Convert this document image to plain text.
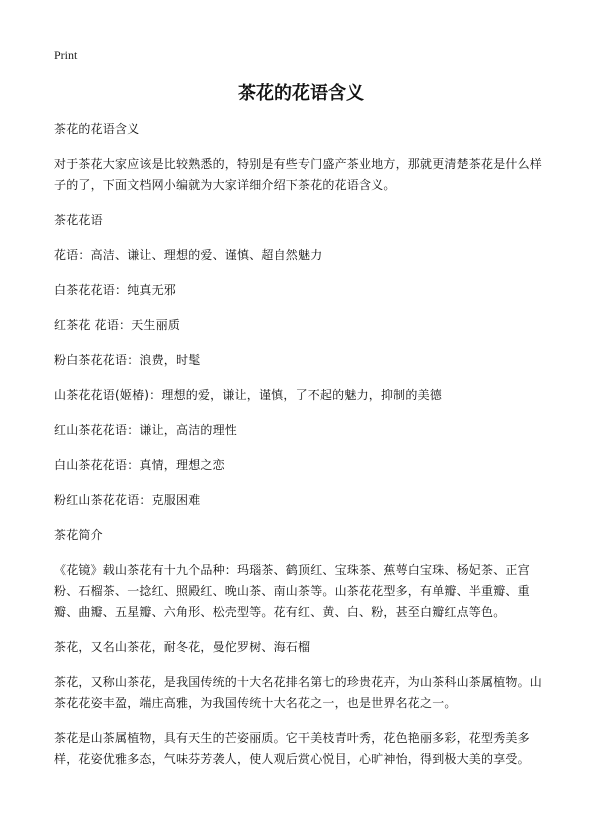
Print
茶花的花语含义

茶花的花语含义

对于茶花大家应该是比较熟悉的，特别是有些专门盛产茶业地方，那就更清楚茶花是什么样子的了，下面文档网小编就为大家详细介绍下茶花的花语含义。

茶花花语

花语：高洁、谦让、理想的爱、谨慎、超自然魅力

白茶花花语：纯真无邪

红茶花 花语：天生丽质

粉白茶花花语：浪费，时髦

山茶花花语(姬椿)：理想的爱，谦让，谨慎，了不起的魅力，抑制的美德

红山茶花花语：谦让，高洁的理性

白山茶花花语：真情，理想之恋

粉红山茶花花语：克服困难

茶花简介

《花镜》载山茶花有十九个品种：玛瑙茶、鹤顶红、宝珠茶、蕉萼白宝珠、杨妃茶、正宫粉、石榴茶、一捻红、照殿红、晚山茶、南山茶等。山茶花花型多，有单瓣、半重瓣、重瓣、曲瓣、五星瓣、六角形、松壳型等。花有红、黄、白、粉，甚至白瓣红点等色。

茶花，又名山茶花，耐冬花，曼佗罗树、海石榴

茶花，又称山茶花，是我国传统的十大名花排名第七的珍贵花卉，为山茶科山茶属植物。山茶花花姿丰盈，端庄高雅，为我国传统十大名花之一，也是世界名花之一。

茶花是山茶属植物，具有天生的芒姿丽质。它干美枝青叶秀，花色艳丽多彩，花型秀美多样，花姿优雅多态，气味芬芳袭人，使人观后赏心悦目，心旷神怡，得到极大美的享受。
